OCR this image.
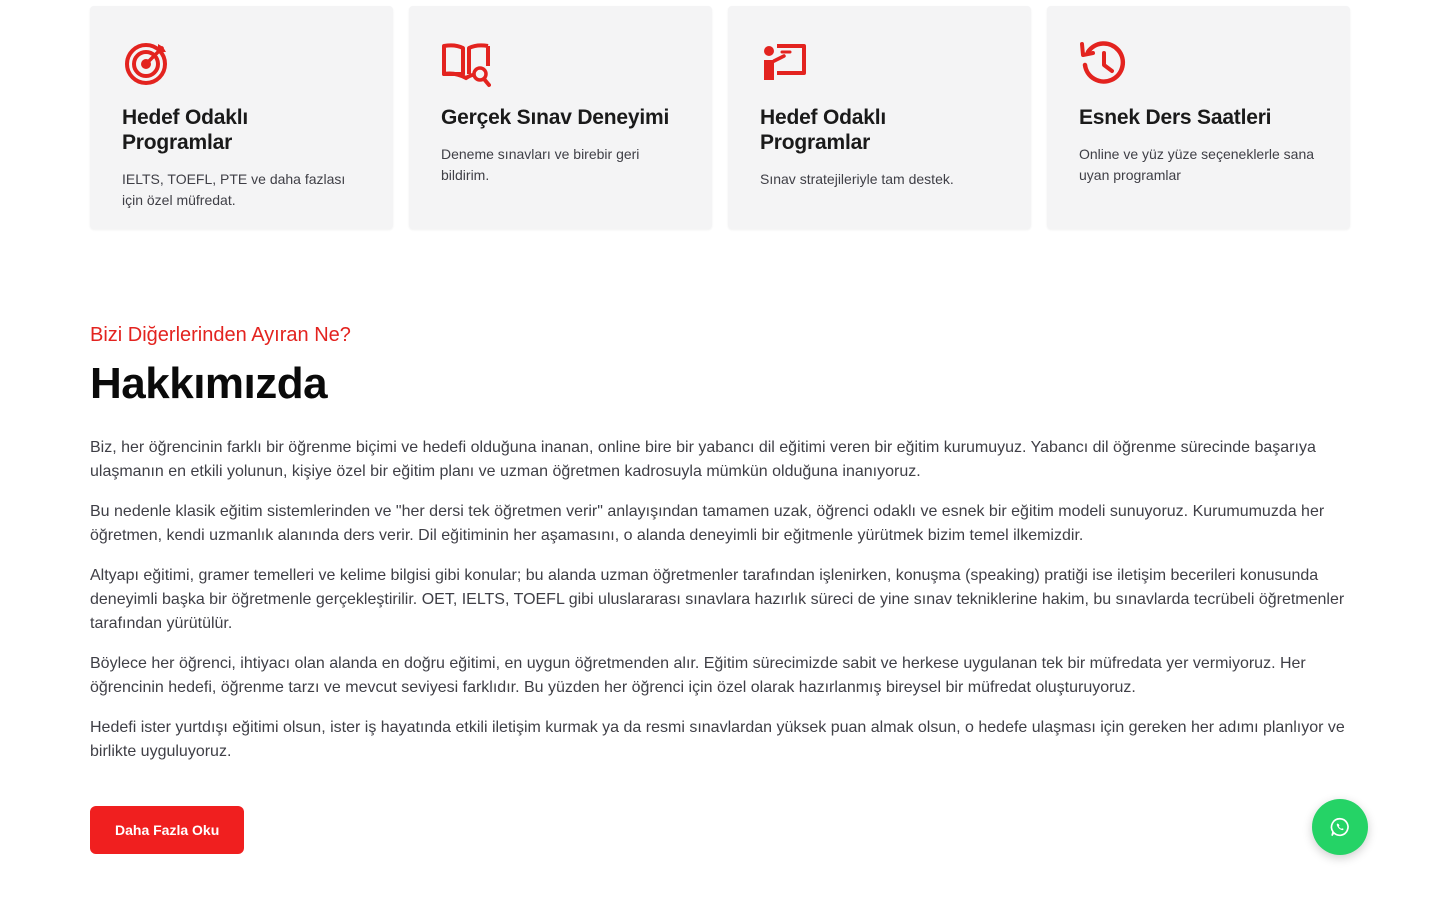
Hedef Odaklı Programlar
IELTS, TOEFL, PTE ve daha fazlası için özel müfredat.
Gerçek Sınav Deneyimi
Deneme sınavları ve birebir geri bildirim.
Hedef Odaklı Programlar
Sınav stratejileriyle tam destek.
Esnek Ders Saatleri
Online ve yüz yüze seçeneklerle sana uyan programlar
Bizi Diğerlerinden Ayıran Ne?
Hakkımızda

Biz, her öğrencinin farklı bir öğrenme biçimi ve hedefi olduğuna inanan, online bire bir yabancı dil eğitimi veren bir eğitim kurumuyuz. Yabancı dil öğrenme sürecinde başarıya ulaşmanın en etkili yolunun, kişiye özel bir eğitim planı ve uzman öğretmen kadrosuyla mümkün olduğuna inanıyoruz.

Bu nedenle klasik eğitim sistemlerinden ve "her dersi tek öğretmen verir" anlayışından tamamen uzak, öğrenci odaklı ve esnek bir eğitim modeli sunuyoruz. Kurumumuzda her öğretmen, kendi uzmanlık alanında ders verir. Dil eğitiminin her aşamasını, o alanda deneyimli bir eğitmenle yürütmek bizim temel ilkemizdir.

Altyapı eğitimi, gramer temelleri ve kelime bilgisi gibi konular; bu alanda uzman öğretmenler tarafından işlenirken, konuşma (speaking) pratiği ise iletişim becerileri konusunda deneyimli başka bir öğretmenle gerçekleştirilir. OET, IELTS, TOEFL gibi uluslararası sınavlara hazırlık süreci de yine sınav tekniklerine hakim, bu sınavlarda tecrübeli öğretmenler tarafından yürütülür.

Böylece her öğrenci, ihtiyacı olan alanda en doğru eğitimi, en uygun öğretmenden alır. Eğitim sürecimizde sabit ve herkese uygulanan tek bir müfredata yer vermiyoruz. Her öğrencinin hedefi, öğrenme tarzı ve mevcut seviyesi farklıdır. Bu yüzden her öğrenci için özel olarak hazırlanmış bireysel bir müfredat oluşturuyoruz.

Hedefi ister yurtdışı eğitimi olsun, ister iş hayatında etkili iletişim kurmak ya da resmi sınavlardan yüksek puan almak olsun, o hedefe ulaşması için gereken her adımı planlıyor ve birlikte uyguluyoruz.

Daha Fazla Oku
